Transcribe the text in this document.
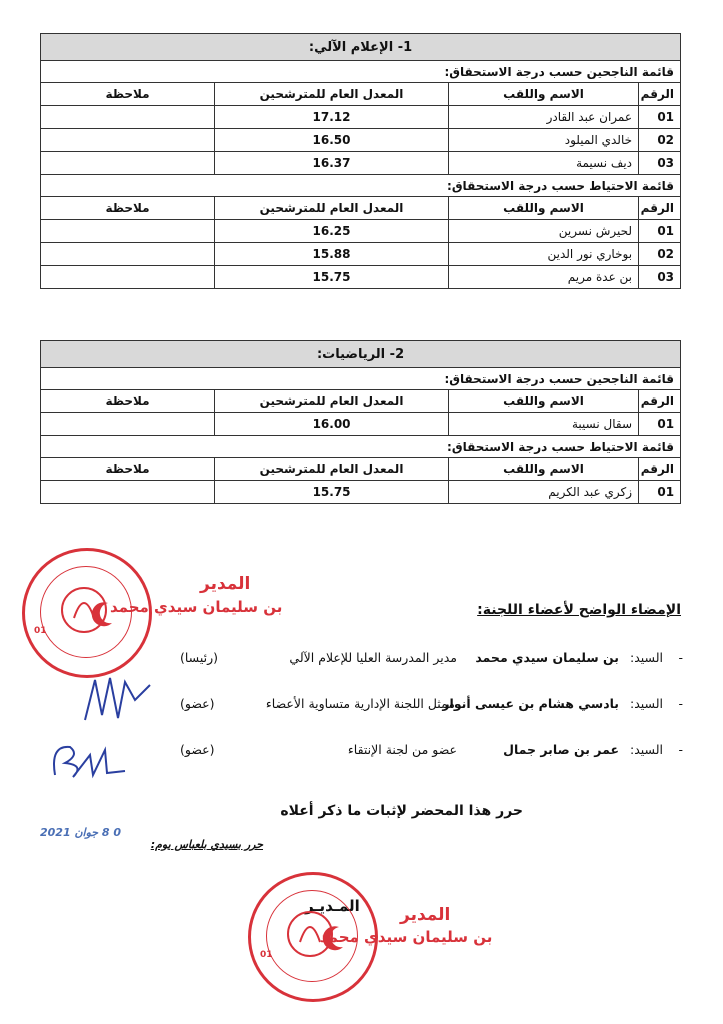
1- الإعلام الآلي:			
قائمة الناجحين حسب درجة الاستحقاق:			
الرقم	الاسم واللقب	المعدل العام للمترشحين	ملاحظة
01	عمران عبد القادر	17.12	
02	خالدي الميلود	16.50	
03	ديف نسيمة	16.37	
قائمة الاحتياط حسب درجة الاستحقاق:			
الرقم	الاسم واللقب	المعدل العام للمترشحين	ملاحظة
01	لحيرش نسرين	16.25	
02	بوخاري نور الدين	15.88	
03	بن عدة مريم	15.75	
2- الرياضيات:			
قائمة الناجحين حسب درجة الاستحقاق:			
الرقم	الاسم واللقب	المعدل العام للمترشحين	ملاحظة
01	سقال نسيبة	16.00	
قائمة الاحتياط حسب درجة الاستحقاق:			
الرقم	الاسم واللقب	المعدل العام للمترشحين	ملاحظة
01	زكري عبد الكريم	15.75	
الإمضاء الواضح لأعضاء اللجنة:
-
السيد:
بن سليمان سيدي محمد
مدير المدرسة العليا للإعلام الآلي
(رئيسا)
-
السيد:
بادسي هشام بن عيسى أنوار
ممثل اللجنة الإدارية متساوية الأعضاء
(عضو)
-
السيد:
عمر بن صابر جمال
عضو من لجنة الإنتقاء
(عضو)
حرر هذا المحضر لإثبات ما ذكر أعلاه
حرر بسيدي بلعباس يوم:
0 8 جوان 2021
المـديـر
01
المدير
بن سليمان سيدي محمد
01
المدير
بن سليمان سيدي محمد
